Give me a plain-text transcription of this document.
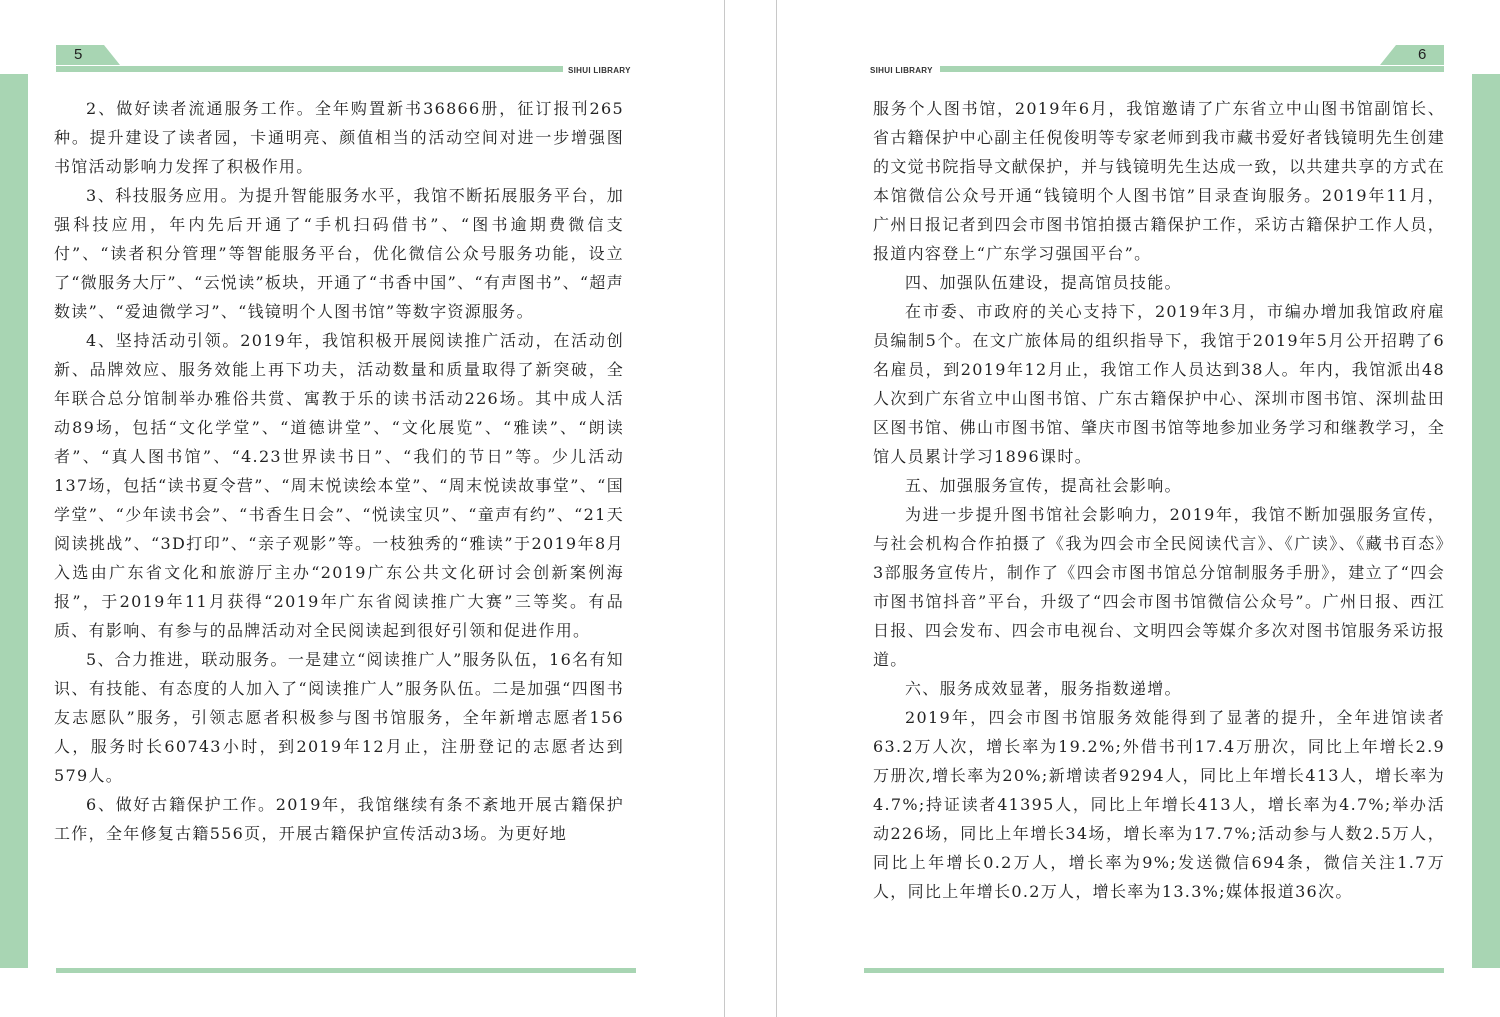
5
SIHUI LIBRARY

2、做好读者流通服务工作。全年购置新书36866册，征订报刊265种。提升建设了读者园，卡通明亮、颜值相当的活动空间对进一步增强图书馆活动影响力发挥了积极作用。

3、科技服务应用。为提升智能服务水平，我馆不断拓展服务平台，加强科技应用，年内先后开通了“手机扫码借书”、“图书逾期费微信支付”、“读者积分管理”等智能服务平台，优化微信公众号服务功能，设立了“微服务大厅”、“云悦读”板块，开通了“书香中国”、“有声图书”、“超声数读”、“爱迪微学习”、“钱镜明个人图书馆”等数字资源服务。

4、坚持活动引领。2019年，我馆积极开展阅读推广活动，在活动创新、品牌效应、服务效能上再下功夫，活动数量和质量取得了新突破，全年联合总分馆制举办雅俗共赏、寓教于乐的读书活动226场。其中成人活动89场，包括“文化学堂”、“道德讲堂”、“文化展览”、“雅读”、“朗读者”、“真人图书馆”、“4.23世界读书日”、“我们的节日”等。少儿活动137场，包括“读书夏令营”、“周末悦读绘本堂”、“周末悦读故事堂”、“国学堂”、“少年读书会”、“书香生日会”、“悦读宝贝”、“童声有约”、“21天阅读挑战”、“3D打印”、“亲子观影”等。一枝独秀的“雅读”于2019年8月入选由广东省文化和旅游厅主办“2019广东公共文化研讨会创新案例海报”，于2019年11月获得“2019年广东省阅读推广大赛”三等奖。有品质、有影响、有参与的品牌活动对全民阅读起到很好引领和促进作用。

5、合力推进，联动服务。一是建立“阅读推广人”服务队伍，16名有知识、有技能、有态度的人加入了“阅读推广人”服务队伍。二是加强“四图书友志愿队”服务，引领志愿者积极参与图书馆服务，全年新增志愿者156人，服务时长60743小时，到2019年12月止，注册登记的志愿者达到579人。

6、做好古籍保护工作。2019年，我馆继续有条不紊地开展古籍保护工作，全年修复古籍556页，开展古籍保护宣传活动3场。为更好地

6
SIHUI LIBRARY

服务个人图书馆，2019年6月，我馆邀请了广东省立中山图书馆副馆长、省古籍保护中心副主任倪俊明等专家老师到我市藏书爱好者钱镜明先生创建的文觉书院指导文献保护，并与钱镜明先生达成一致，以共建共享的方式在本馆微信公众号开通“钱镜明个人图书馆”目录查询服务。2019年11月，广州日报记者到四会市图书馆拍摄古籍保护工作，采访古籍保护工作人员，报道内容登上“广东学习强国平台”。

四、加强队伍建设，提高馆员技能。

在市委、市政府的关心支持下，2019年3月，市编办增加我馆政府雇员编制5个。在文广旅体局的组织指导下，我馆于2019年5月公开招聘了6名雇员，到2019年12月止，我馆工作人员达到38人。年内，我馆派出48人次到广东省立中山图书馆、广东古籍保护中心、深圳市图书馆、深圳盐田区图书馆、佛山市图书馆、肇庆市图书馆等地参加业务学习和继教学习，全馆人员累计学习1896课时。

五、加强服务宣传，提高社会影响。

为进一步提升图书馆社会影响力，2019年，我馆不断加强服务宣传，与社会机构合作拍摄了《我为四会市全民阅读代言》、《广读》、《藏书百态》3部服务宣传片，制作了《四会市图书馆总分馆制服务手册》，建立了“四会市图书馆抖音”平台，升级了“四会市图书馆微信公众号”。广州日报、西江日报、四会发布、四会市电视台、文明四会等媒介多次对图书馆服务采访报道。

六、服务成效显著，服务指数递增。

2019年，四会市图书馆服务效能得到了显著的提升，全年进馆读者63.2万人次，增长率为19.2%;外借书刊17.4万册次，同比上年增长2.9万册次,增长率为20%;新增读者9294人，同比上年增长413人，增长率为4.7%;持证读者41395人，同比上年增长413人，增长率为4.7%;举办活动226场，同比上年增长34场，增长率为17.7%;活动参与人数2.5万人，同比上年增长0.2万人，增长率为9%;发送微信694条，微信关注1.7万人，同比上年增长0.2万人，增长率为13.3%;媒体报道36次。
